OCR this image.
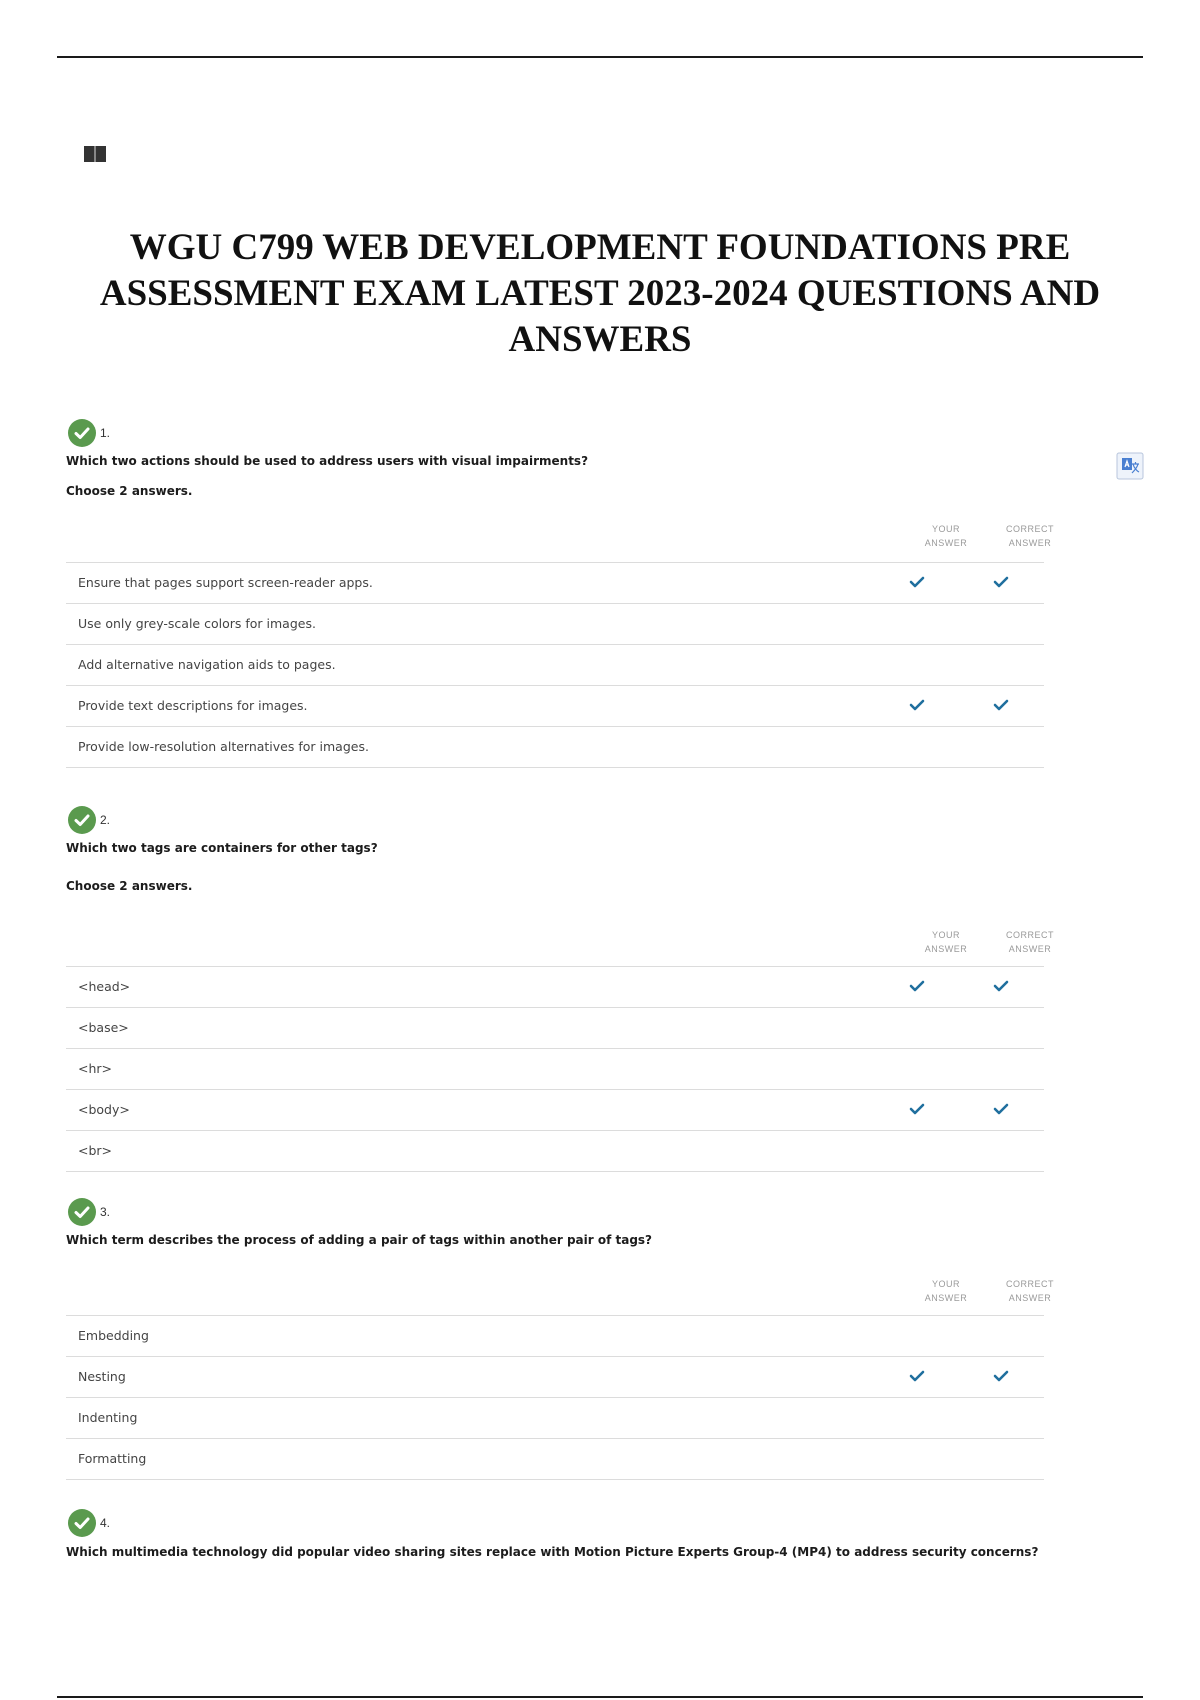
WGU C799 WEB DEVELOPMENT FOUNDATIONS PRE ASSESSMENT EXAM LATEST 2023-2024 QUESTIONS AND ANSWERS
1.

Which two actions should be used to address users with visual impairments?

Choose 2 answers.

YOUR ANSWER
CORRECT ANSWER
Ensure that pages support screen-reader apps.
Use only grey-scale colors for images.
Add alternative navigation aids to pages.
Provide text descriptions for images.
Provide low-resolution alternatives for images.
2.

Which two tags are containers for other tags?

Choose 2 answers.

YOUR ANSWER
CORRECT ANSWER
<head>
<base>
<hr>
<body>
<br>
3.

Which term describes the process of adding a pair of tags within another pair of tags?

YOUR ANSWER
CORRECT ANSWER
Embedding
Nesting
Indenting
Formatting
4.

Which multimedia technology did popular video sharing sites replace with Motion Picture Experts Group-4 (MP4) to address security concerns?
